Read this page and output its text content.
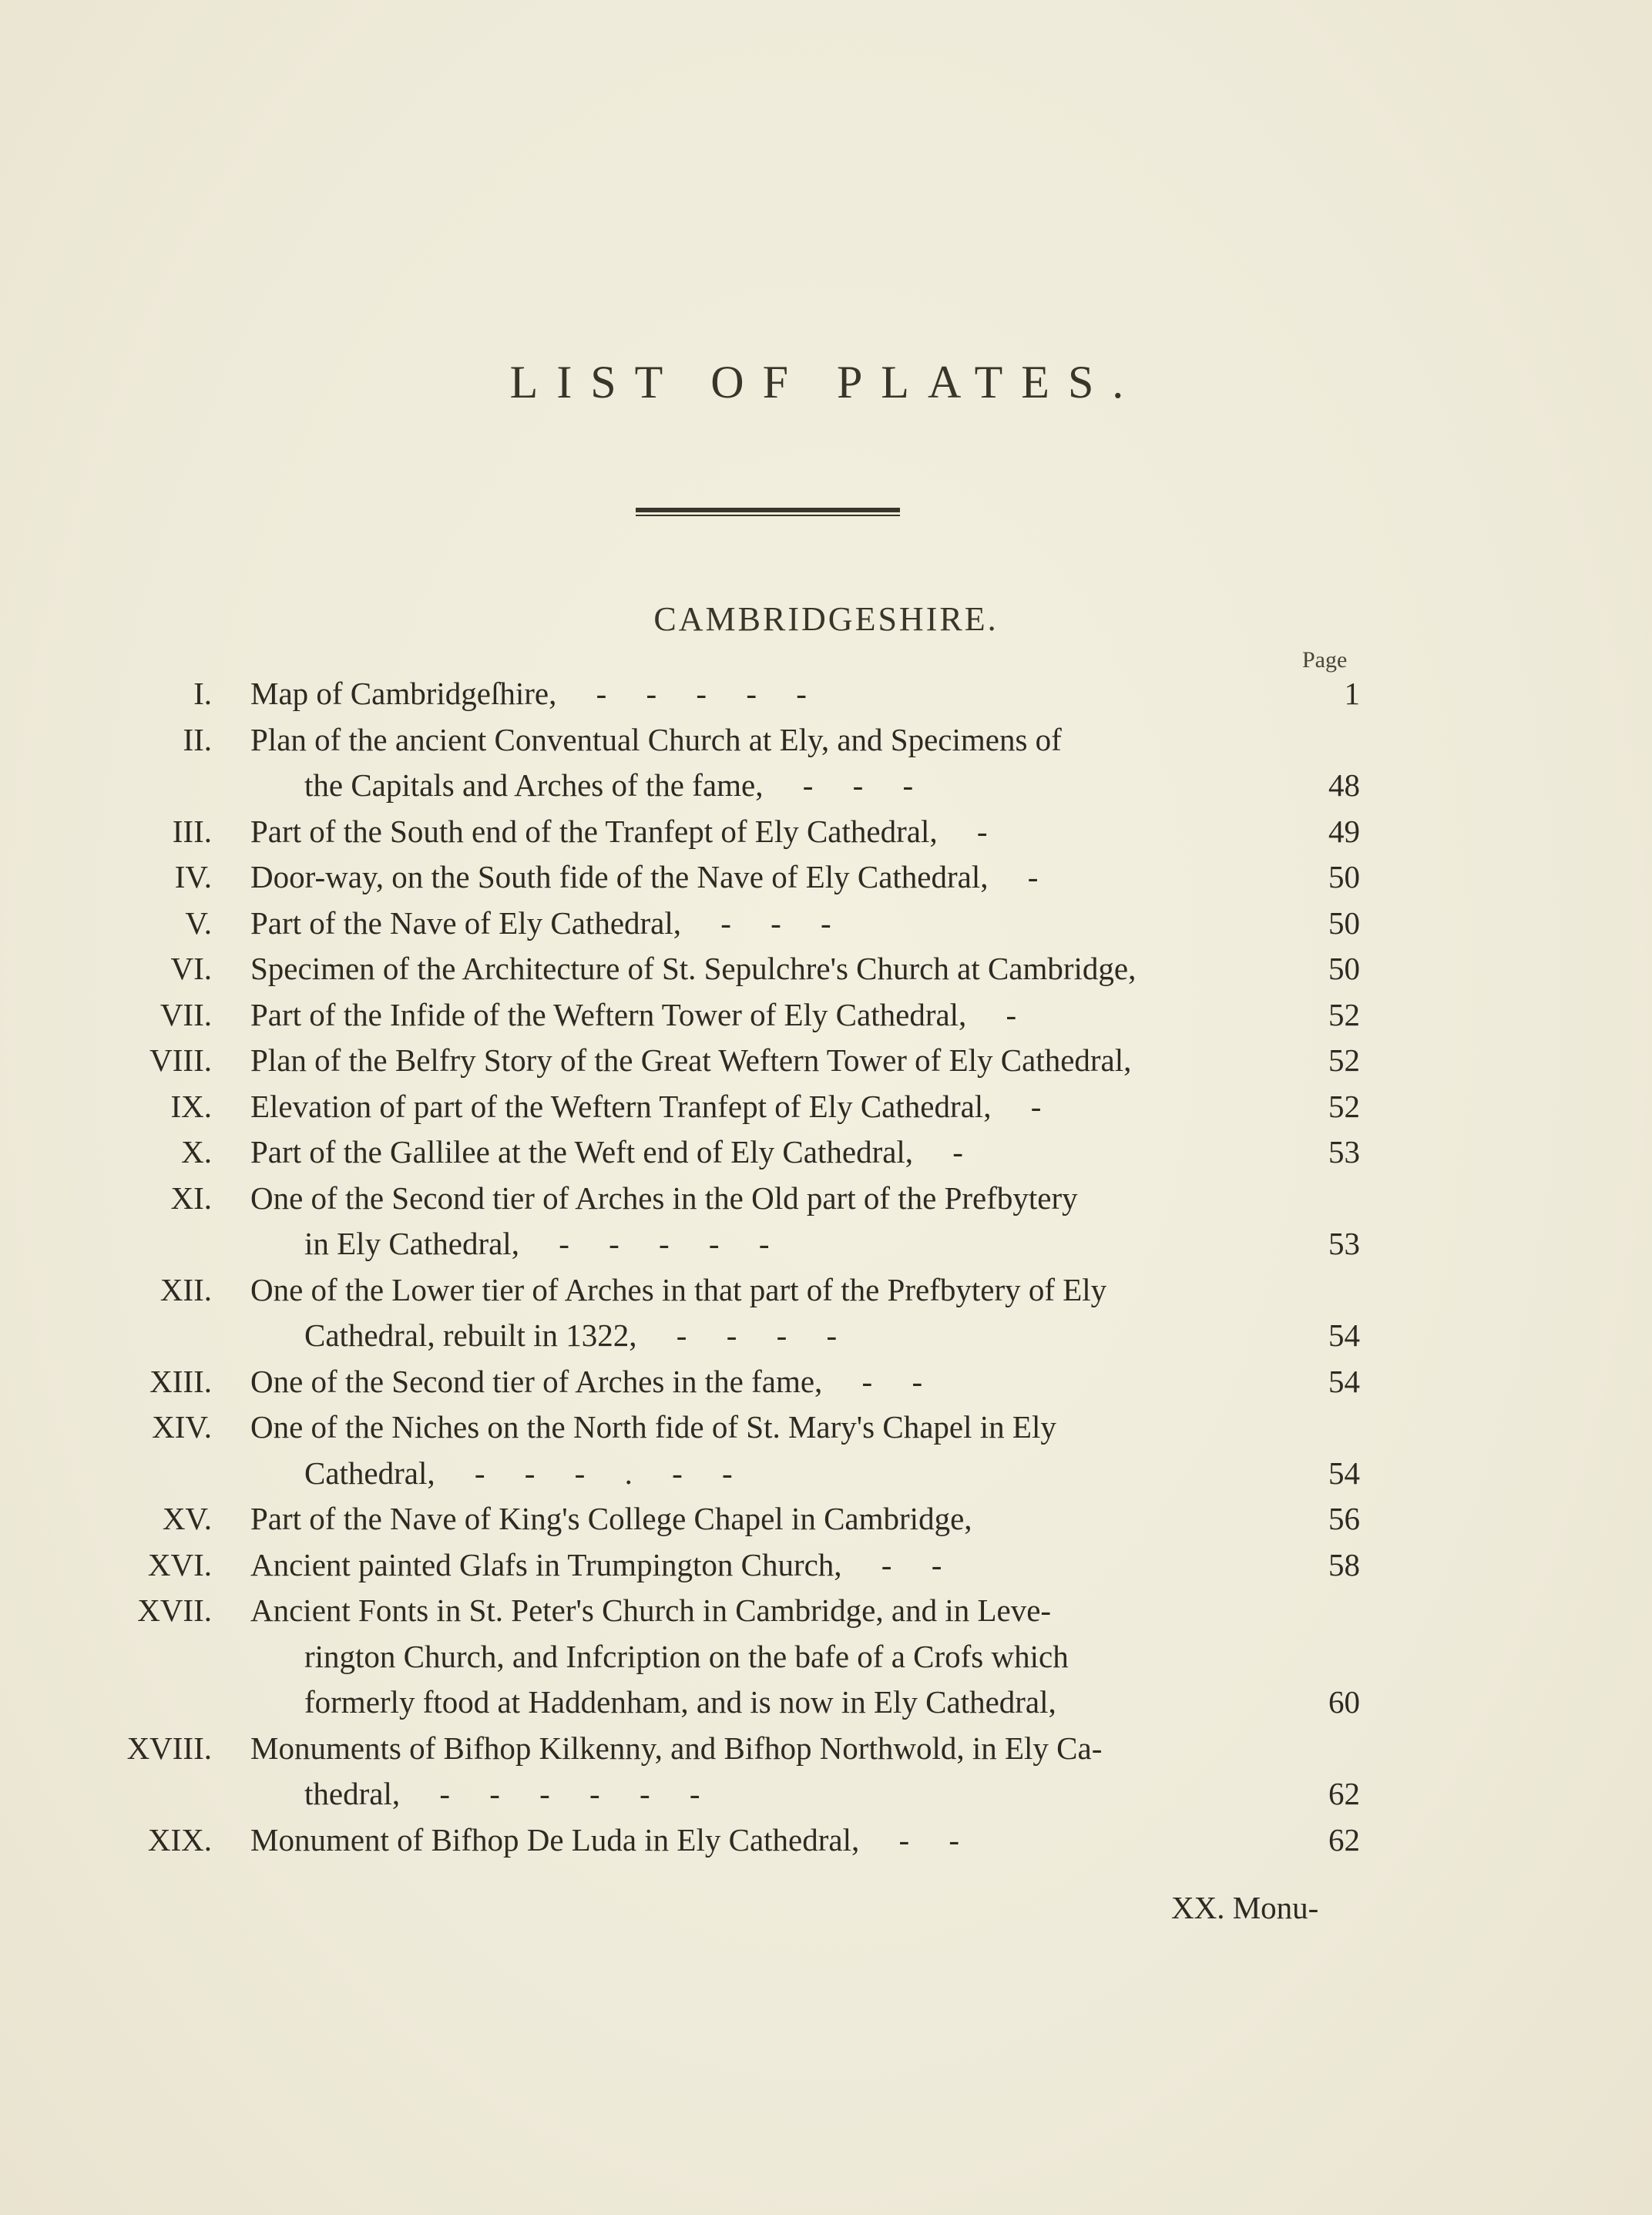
LIST OF PLATES.
CAMBRIDGESHIRE.
Page
I. Map of Cambridgeſhire,     -     -     -     -     -	1
II. Plan of the ancient Conventual Church at Ely, and Specimens of
the Capitals and Arches of the fame,     -     -     -	48
III. Part of the South end of the Tranfept of Ely Cathedral,     -	49
IV. Door-way, on the South fide of the Nave of Ely Cathedral,     -	50
V. Part of the Nave of Ely Cathedral,     -     -     -	50
VI. Specimen of the Architecture of St. Sepulchre's Church at Cambridge,	50
VII. Part of the Infide of the Weftern Tower of Ely Cathedral,     -	52
VIII. Plan of the Belfry Story of the Great Weftern Tower of Ely Cathedral,	52
IX. Elevation of part of the Weftern Tranfept of Ely Cathedral,     -	52
X. Part of the Gallilee at the Weft end of Ely Cathedral,     -	53
XI. One of the Second tier of Arches in the Old part of the Prefbytery
in Ely Cathedral,     -     -     -     -     -	53
XII. One of the Lower tier of Arches in that part of the Prefbytery of Ely
Cathedral, rebuilt in 1322,     -     -     -     -	54
XIII. One of the Second tier of Arches in the fame,     -     -	54
XIV. One of the Niches on the North fide of St. Mary's Chapel in Ely
Cathedral,     -     -     -     .     -     -	54
XV. Part of the Nave of King's College Chapel in Cambridge,	56
XVI. Ancient painted Glafs in Trumpington Church,     -     -	58
XVII. Ancient Fonts in St. Peter's Church in Cambridge, and in Leve-
rington Church, and Infcription on the bafe of a Crofs which
formerly ftood at Haddenham, and is now in Ely Cathedral,	60
XVIII. Monuments of Bifhop Kilkenny, and Bifhop Northwold, in Ely Ca-
thedral,     -     -     -     -     -     -	62
XIX. Monument of Bifhop De Luda in Ely Cathedral,     -     -	62
XX. Monu-
